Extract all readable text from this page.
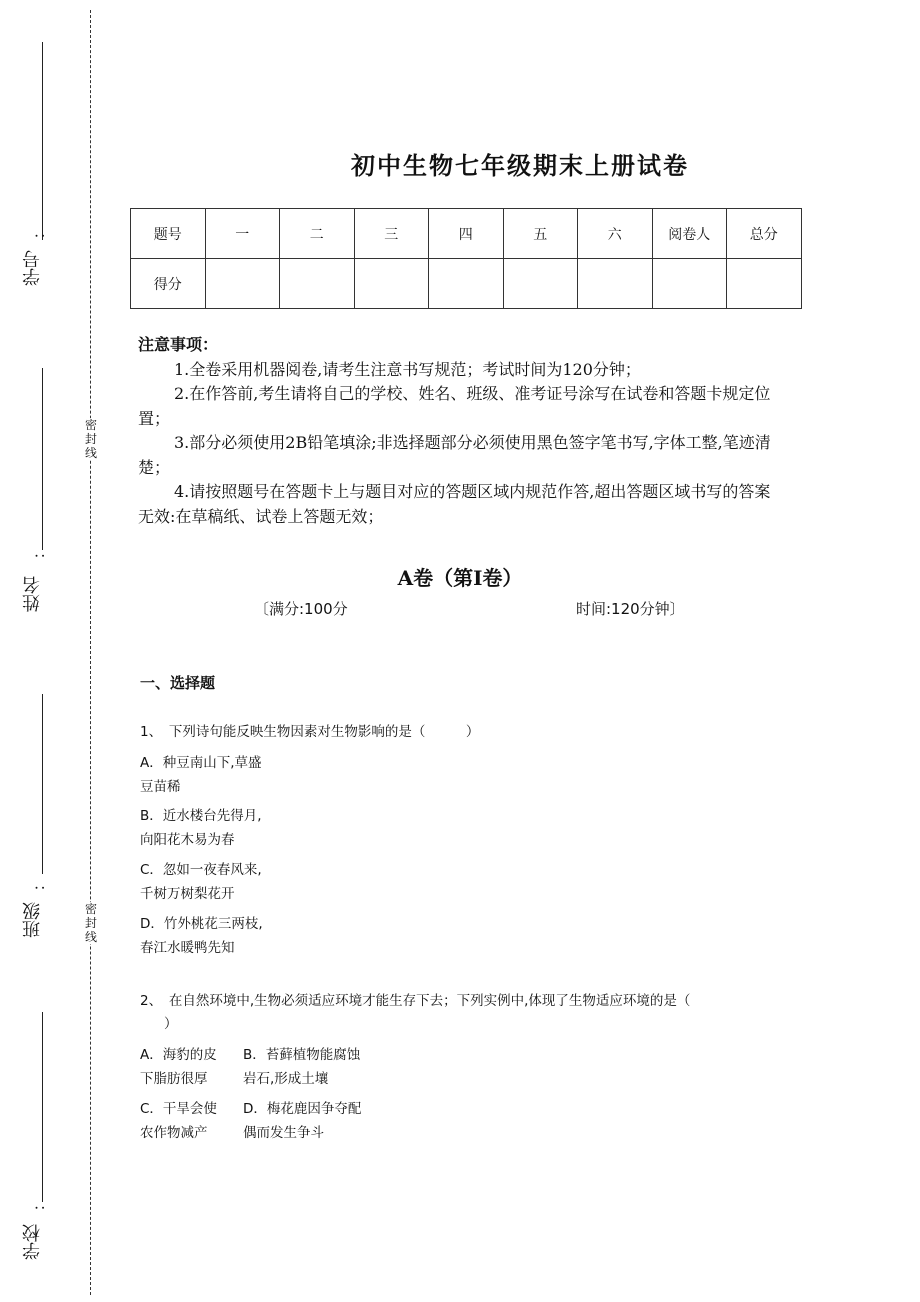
：
学号
：
姓名
：
班级
：
学校
密封线
密封线
初中生物七年级期末上册试卷
题号	一	二	三	四	五	六	阅卷人	总分
得分								
注意事项：

1.全卷采用机器阅卷,请考生注意书写规范；考试时间为120分钟；

2.在作答前,考生请将自己的学校、姓名、班级、准考证号涂写在试卷和答题卡规定位置；

3.部分必须使用2B铅笔填涂;非选择题部分必须使用黑色签字笔书写,字体工整,笔迹清楚；

4.请按照题号在答题卡上与题目对应的答题区域内规范作答,超出答题区域书写的答案无效:在草稿纸、试卷上答题无效；

A卷（第I卷）
〔满分:100分	时间:120分钟〕
一、选择题
1、　下列诗句能反映生物因素对生物影响的是（　　　）
A．种豆南山下,草盛
豆苗稀
B．近水楼台先得月,
向阳花木易为春
C．忽如一夜春风来,
千树万树梨花开
D．竹外桃花三两枝,
春江水暖鸭先知
2、　在自然环境中,生物必须适应环境才能生存下去；下列实例中,体现了生物适应环境的是（
）
A．海豹的皮
下脂肪很厚
B．苔藓植物能腐蚀
岩石,形成土壤
C．干旱会使
农作物减产
D．梅花鹿因争夺配
偶而发生争斗
